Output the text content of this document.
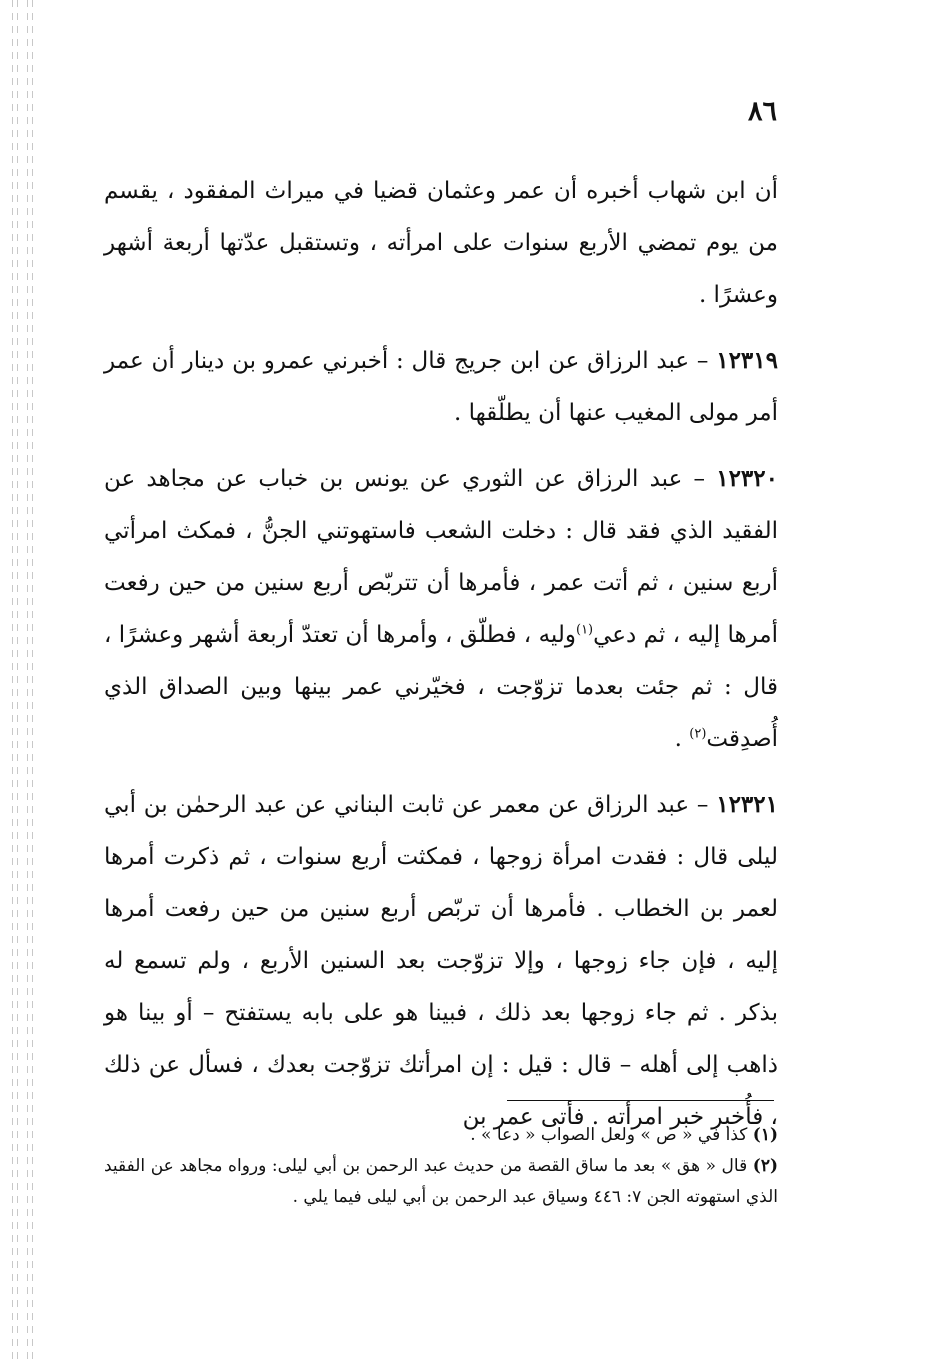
٨٦

أن ابن شهاب أخبره أن عمر وعثمان قضيا في ميراث المفقود ، يقسم من يوم تمضي الأربع سنوات على امرأته ، وتستقبل عدّتها أربعة أشهر وعشرًا .

١٢٣١٩ – عبد الرزاق عن ابن جريج قال : أخبرني عمرو بن دينار أن عمر أمر مولى المغيب عنها أن يطلّقها .

١٢٣٢٠ – عبد الرزاق عن الثوري عن يونس بن خباب عن مجاهد عن الفقيد الذي فقد قال : دخلت الشعب فاستهوتني الجنُّ ، فمكث امرأتي أربع سنين ، ثم أتت عمر ، فأمرها أن تتربّص أربع سنين من حين رفعت أمرها إليه ، ثم دعي$^{(١)}$وليه ، فطلّق ، وأمرها أن تعتدّ أربعة أشهر وعشرًا ، قال : ثم جئت بعدما تزوّجت ، فخيّرني عمر بينها وبين الصداق الذي أُصدِقت$^{(٢)}$ .

١٢٣٢١ – عبد الرزاق عن معمر عن ثابت البناني عن عبد الرحمٰن بن أبي ليلى قال : فقدت امرأة زوجها ، فمكثت أربع سنوات ، ثم ذكرت أمرها لعمر بن الخطاب . فأمرها أن تربّص أربع سنين من حين رفعت أمرها إليه ، فإن جاء زوجها ، وإلا تزوّجت بعد السنين الأربع ، ولم تسمع له بذكر . ثم جاء زوجها بعد ذلك ، فبينا هو على بابه يستفتح – أو بينا هو ذاهب إلى أهله – قال : قيل : إن امرأتك تزوّجت بعدك ، فسأل عن ذلك ، فأُخبر خبر امرأته . فأتى عمر بن

(١) كذا في « ص » ولعل الصواب « دعا » .

(٢) قال « هق » بعد ما ساق القصة من حديث عبد الرحمن بن أبي ليلى: ورواه مجاهد عن الفقيد الذي استهوته الجن ٧: ٤٤٦ وسياق عبد الرحمن بن أبي ليلى فيما يلي .
